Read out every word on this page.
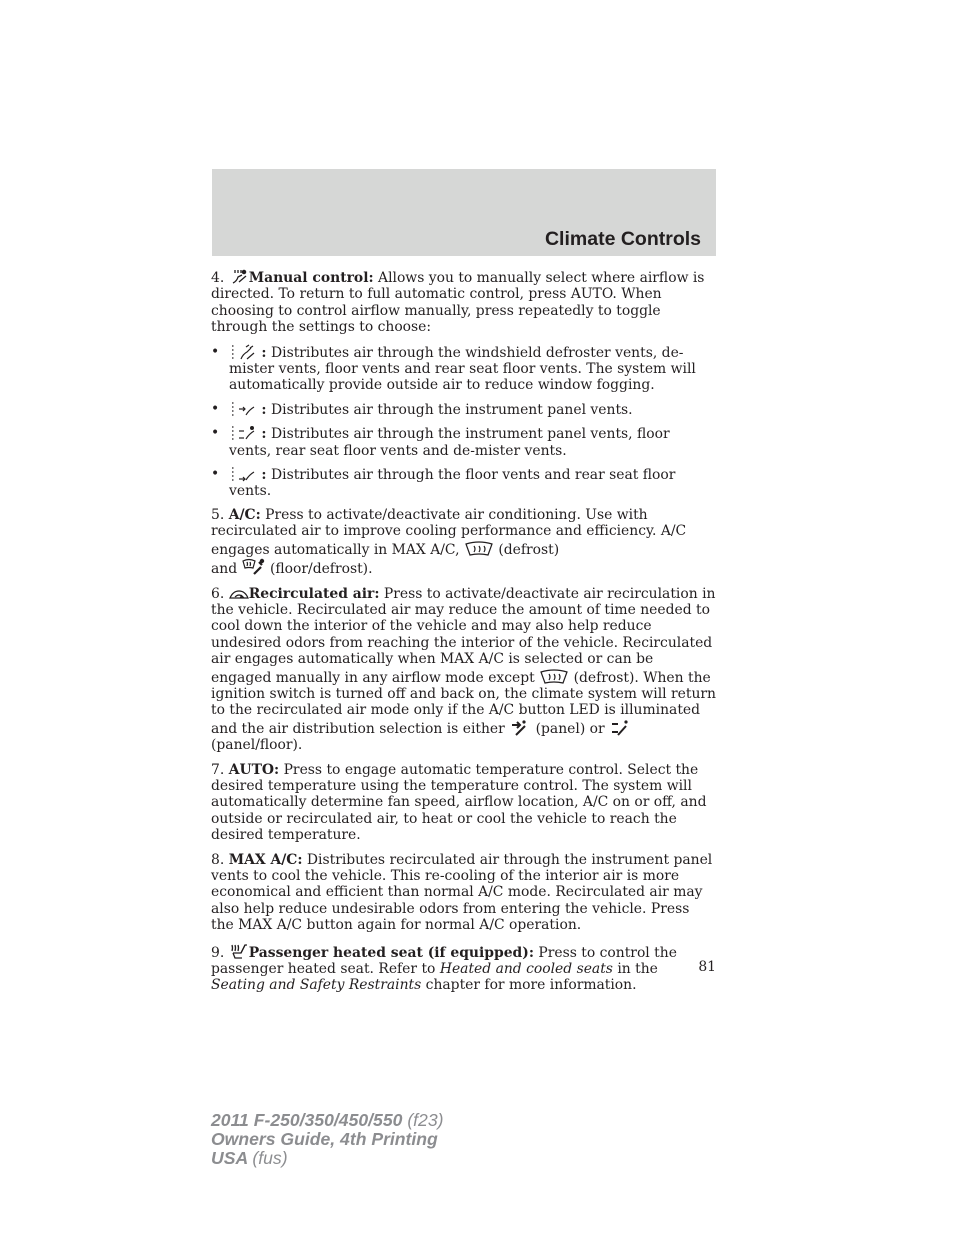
Climate Controls

4. Manual control: Allows you to manually select where airflow is directed. To return to full automatic control, press AUTO. When choosing to control airflow manually, press repeatedly to toggle through the settings to choose:

•	: Distributes air through the windshield defroster vents, de-mister vents, floor vents and rear seat floor vents. The system will automatically provide outside air to reduce window fogging.
•	: Distributes air through the instrument panel vents.
•	: Distributes air through the instrument panel vents, floor vents, rear seat floor vents and de-mister vents.
•	: Distributes air through the floor vents and rear seat floor vents.

5. A/C: Press to activate/deactivate air conditioning. Use with recirculated air to improve cooling performance and efficiency. A/C engages automatically in MAX A/C,	(defrost)
and (floor/defrost).

6. Recirculated air: Press to activate/deactivate air recirculation in the vehicle. Recirculated air may reduce the amount of time needed to cool down the interior of the vehicle and may also help reduce undesired odors from reaching the interior of the vehicle. Recirculated air engages automatically when MAX A/C is selected or can be engaged manually in any airflow mode except	(defrost). When the ignition switch is turned off and back on, the climate system will return to the recirculated air mode only if the A/C button LED is illuminated and the air distribution selection is either (panel) or
(panel/floor).

7. AUTO: Press to engage automatic temperature control. Select the desired temperature using the temperature control. The system will automatically determine fan speed, airflow location, A/C on or off, and outside or recirculated air, to heat or cool the vehicle to reach the desired temperature.

8. MAX A/C: Distributes recirculated air through the instrument panel vents to cool the vehicle. This re-cooling of the interior air is more economical and efficient than normal A/C mode. Recirculated air may also help reduce undesirable odors from entering the vehicle. Press the MAX A/C button again for normal A/C operation.

9. Passenger heated seat (if equipped): Press to control the passenger heated seat. Refer to Heated and cooled seats in the Seating and Safety Restraints chapter for more information.

81
2011 F-250/350/450/550 (f23)
Owners Guide, 4th Printing
USA (fus)
